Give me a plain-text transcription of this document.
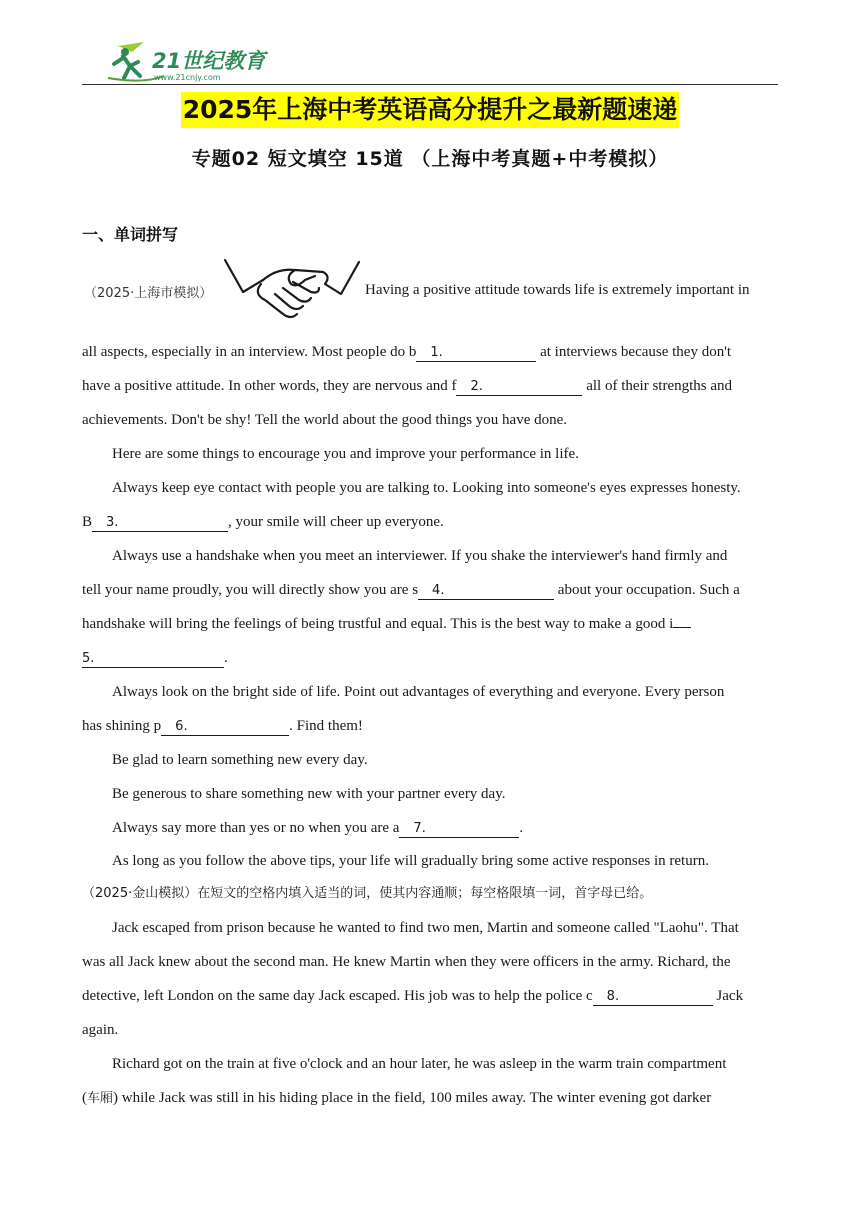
21世纪教育
www.21cnjy.com
2025年上海中考英语高分提升之最新题速递
专题02 短文填空 15道 （上海中考真题+中考模拟）
一、单词拼写
（2025·上海市模拟）	Having a positive attitude towards life is extremely important in
all aspects, especially in an interview. Most people do b 1.	at interviews because they don't
have a positive attitude. In other words, they are nervous and f 2.	all of their strengths and
achievements. Don't be shy! Tell the world about the good things you have done.
Here are some things to encourage you and improve your performance in life.
Always keep eye contact with people you are talking to. Looking into someone's eyes expresses honesty.
B 3.	, your smile will cheer up everyone.
Always use a handshake when you meet an interviewer. If you shake the interviewer's hand firmly and
tell your name proudly, you will directly show you are s 4.	about your occupation. Such a
handshake will bring the feelings of being trustful and equal. This is the best way to make a good i
5.	.
Always look on the bright side of life. Point out advantages of everything and everyone. Every person
has shining p 6.	. Find them!
Be glad to learn something new every day.
Be generous to share something new with your partner every day.
Always say more than yes or no when you are a 7.	.
As long as you follow the above tips, your life will gradually bring some active responses in return.
（2025·金山模拟）在短文的空格内填入适当的词，使其内容通顺；每空格限填一词，首字母已给。
Jack escaped from prison because he wanted to find two men, Martin and someone called "Laohu". That
was all Jack knew about the second man. He knew Martin when they were officers in the army. Richard, the
detective, left London on the same day Jack escaped. His job was to help the police c 8.	Jack
again.
Richard got on the train at five o'clock and an hour later, he was asleep in the warm train compartment
(车厢) while Jack was still in his hiding place in the field, 100 miles away. The winter evening got darker
